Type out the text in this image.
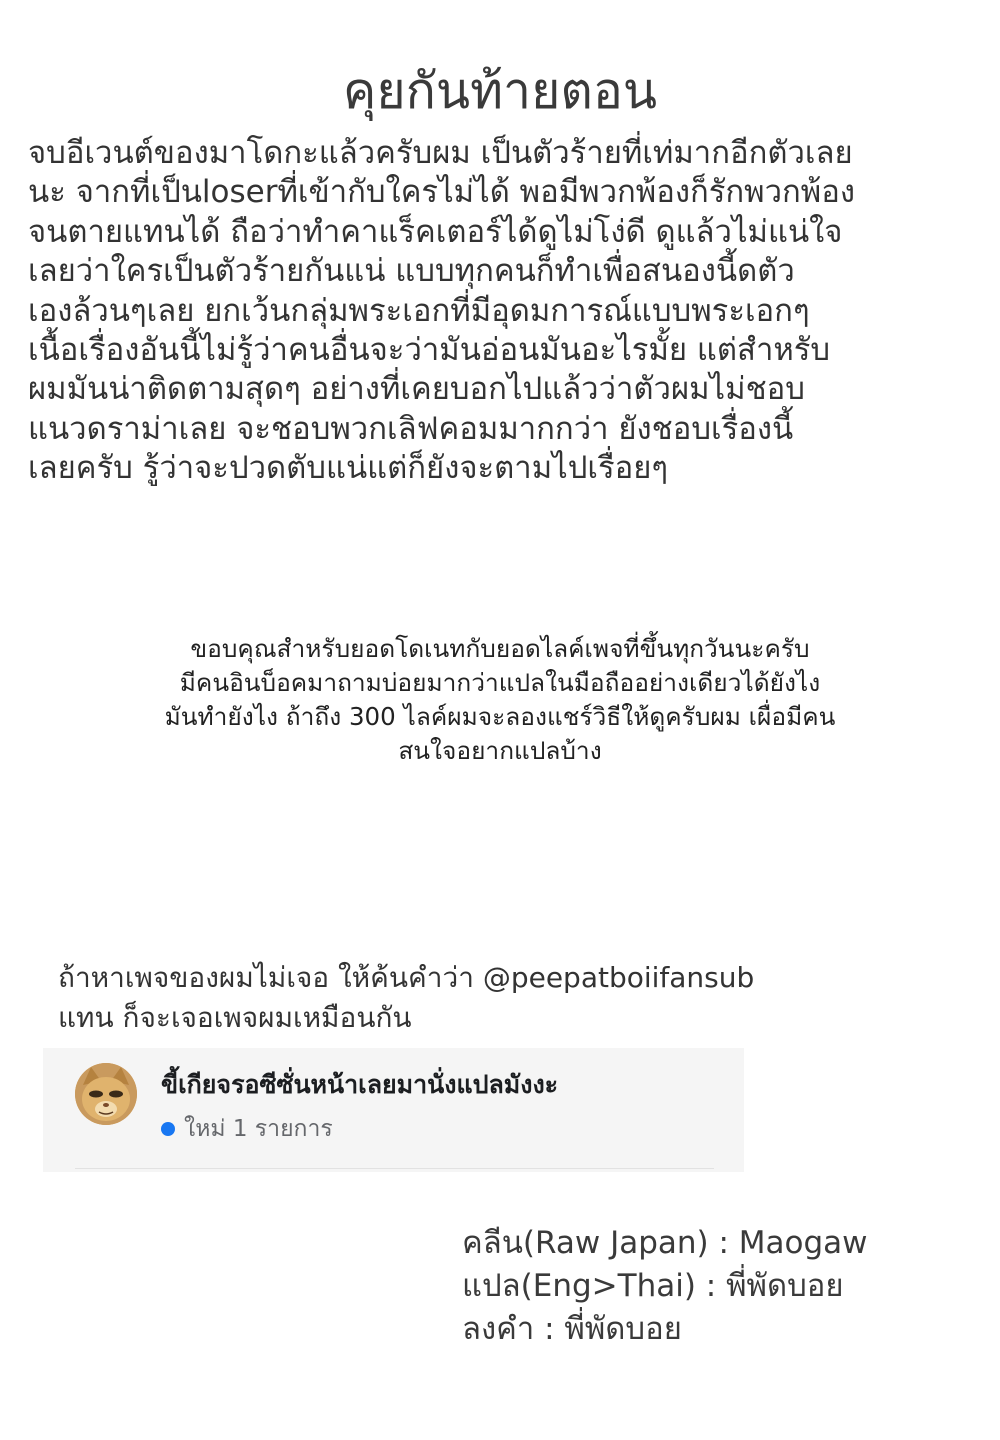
คุยกันท้ายตอน
จบอีเวนต์ของมาโดกะแล้วครับผม เป็นตัวร้ายที่เท่มากอีกตัวเลย
นะ จากที่เป็นloserที่เข้ากับใครไม่ได้ พอมีพวกพ้องก็รักพวกพ้อง
จนตายแทนได้ ถือว่าทำคาแร็คเตอร์ได้ดูไม่โง่ดี ดูแล้วไม่แน่ใจ
เลยว่าใครเป็นตัวร้ายกันแน่ แบบทุกคนก็ทำเพื่อสนองนี้ดตัว
เองล้วนๆเลย ยกเว้นกลุ่มพระเอกที่มีอุดมการณ์แบบพระเอกๆ
เนื้อเรื่องอันนี้ไม่รู้ว่าคนอื่นจะว่ามันอ่อนมันอะไรมั้ย แต่สำหรับ
ผมมันน่าติดตามสุดๆ อย่างที่เคยบอกไปแล้วว่าตัวผมไม่ชอบ
แนวดราม่าเลย จะชอบพวกเลิฟคอมมากกว่า ยังชอบเรื่องนี้
เลยครับ รู้ว่าจะปวดตับแน่แต่ก็ยังจะตามไปเรื่อยๆ
ขอบคุณสำหรับยอดโดเนทกับยอดไลค์เพจที่ขึ้นทุกวันนะครับ
มีคนอินบ็อคมาถามบ่อยมากว่าแปลในมือถืออย่างเดียวได้ยังไง
มันทำยังไง ถ้าถึง 300 ไลค์ผมจะลองแชร์วิธีให้ดูครับผม เผื่อมีคน
สนใจอยากแปลบ้าง
ถ้าหาเพจของผมไม่เจอ ให้ค้นคำว่า @peepatboiifansub
แทน ก็จะเจอเพจผมเหมือนกัน
ขี้เกียจรอซีซั่นหน้าเลยมานั่งแปลมังงะ
ใหม่ 1 รายการ
คลีน(Raw Japan) : Maogaw
แปล(Eng>Thai) : พี่พัดบอย
ลงคำ : พี่พัดบอย
